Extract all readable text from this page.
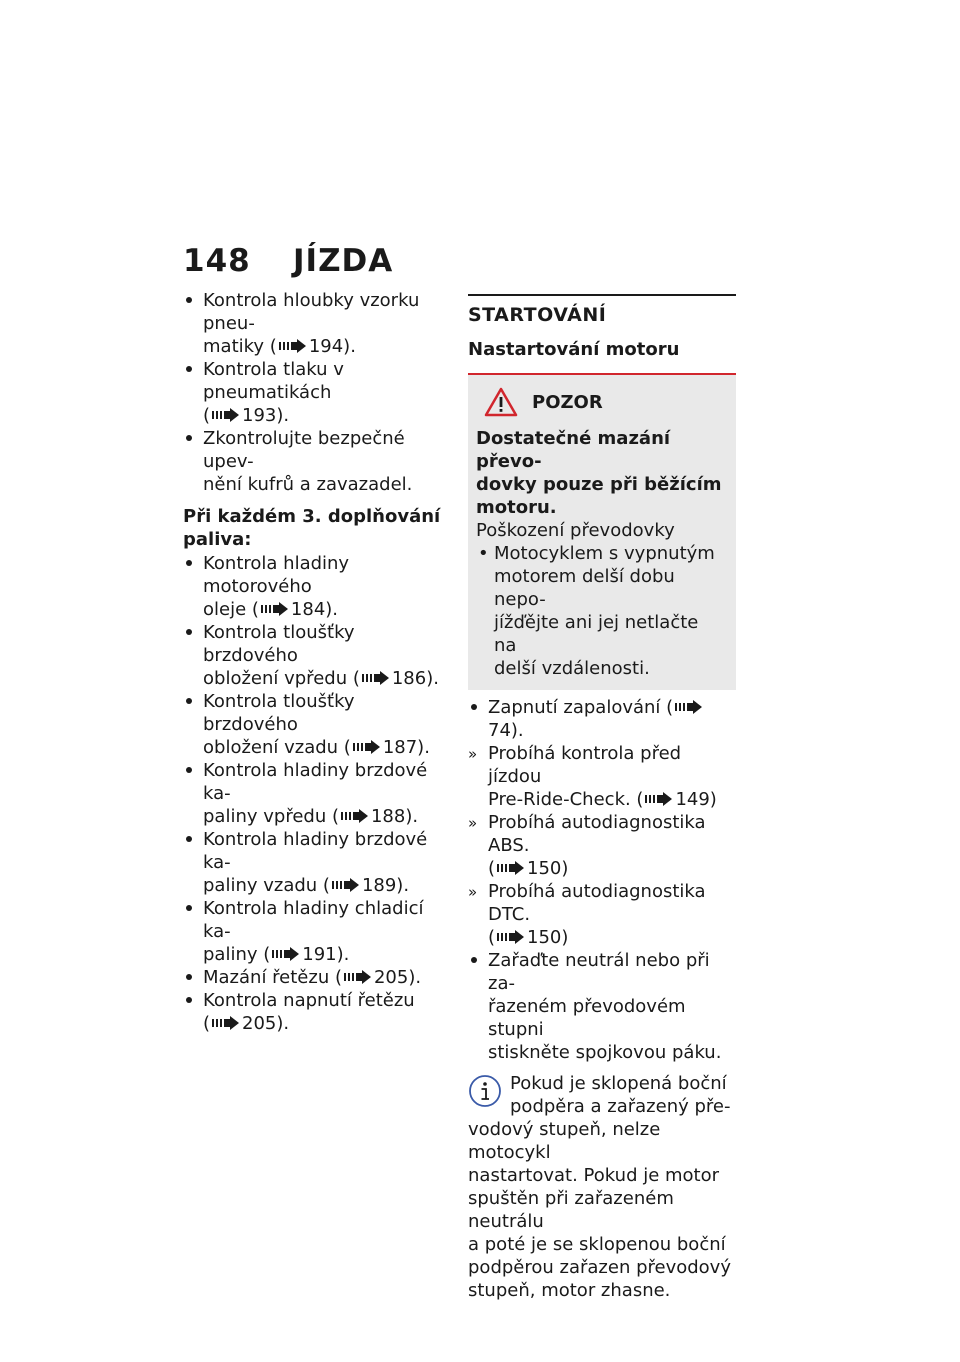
148 JÍZDA

Kontrola hloubky vzorku pneu-
matiky ( 194).

Kontrola tlaku v pneumatikách
( 193).

Zkontrolujte bezpečné upev-
nění kufrů a zavazadel.

Při každém 3. doplňování
paliva:

Kontrola hladiny motorového
oleje ( 184).

Kontrola tloušťky brzdového
obložení vpředu ( 186).

Kontrola tloušťky brzdového
obložení vzadu ( 187).

Kontrola hladiny brzdové ka-
paliny vpředu ( 188).

Kontrola hladiny brzdové ka-
paliny vzadu ( 189).

Kontrola hladiny chladicí ka-
paliny ( 191).

Mazání řetězu ( 205).

Kontrola napnutí řetězu
( 205).

STARTOVÁNÍ
Nastartování motoru
POZOR
Dostatečné mazání převo-
dovky pouze při běžícím
motoru.
Poškození převodovky

• Motocyklem s vypnutým
motorem delší dobu nepo-
jížďějte ani jej netlačte na
delší vzdálenosti.

Zapnutí zapalování (74).

» Probíhá kontrola před jízdou
Pre-Ride-Check. ( 149)

» Probíhá autodiagnostika ABS.
( 150)

» Probíhá autodiagnostika DTC.
( 150)

Zařaďte neutrál nebo při za-
řazeném převodovém stupni
stiskněte spojkovou páku.

Pokud je sklopená boční
podpěra a zařazený pře-
vodový stupeň, nelze motocykl
nastartovat. Pokud je motor
spuštěn při zařazeném neutrálu
a poté je se sklopenou boční
podpěrou zařazen převodový
stupeň, motor zhasne.
